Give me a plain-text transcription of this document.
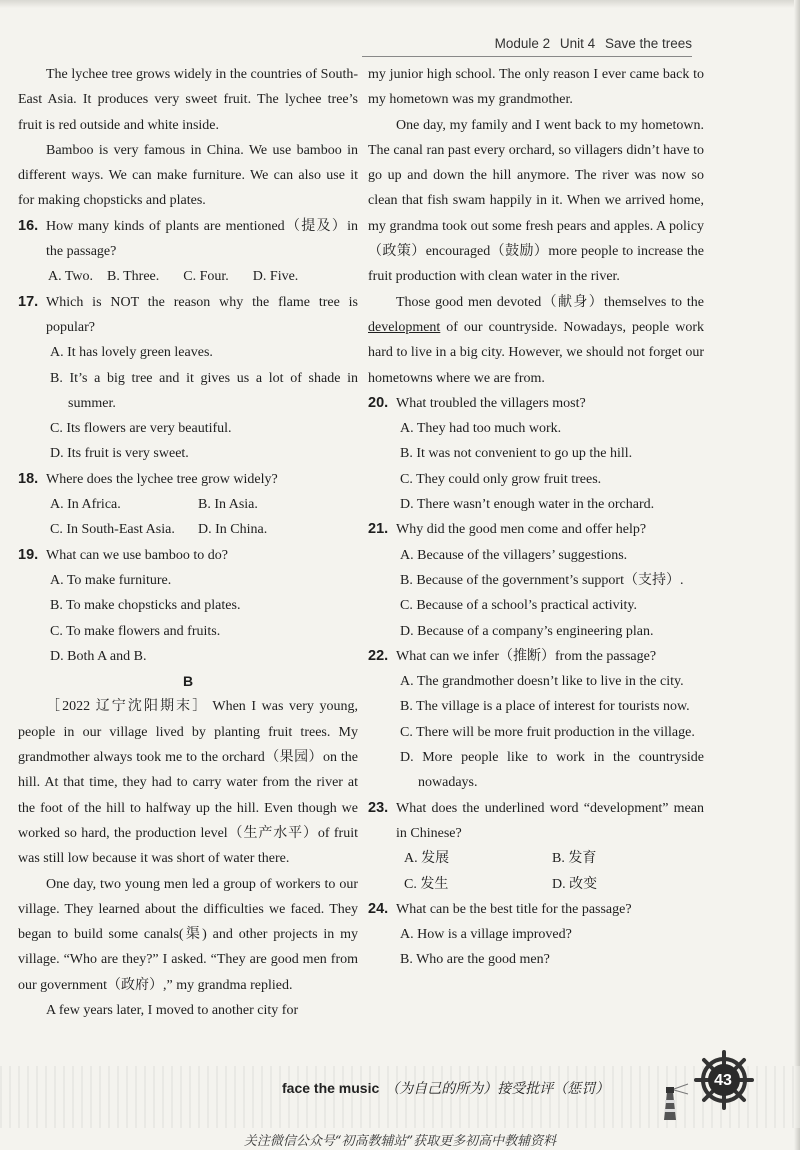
Module 2 Unit 4 Save the trees

The lychee tree grows widely in the countries of South-East Asia. It produces very sweet fruit. The lychee tree’s fruit is red outside and white inside.

Bamboo is very famous in China. We use bamboo in different ways. We can make furniture. We can also use it for making chopsticks and plates.

16. How many kinds of plants are mentioned（提及）in the passage?

A. Two. B. Three. C. Four. D. Five.

17. Which is NOT the reason why the flame tree is popular?

A. It has lovely green leaves.

B. It’s a big tree and it gives us a lot of shade in summer.

C. Its flowers are very beautiful.

D. Its fruit is very sweet.

18. Where does the lychee tree grow widely?

A. In Africa.	B. In Asia.
C. In South-East Asia.	D. In China.

19. What can we use bamboo to do?

A. To make furniture.

B. To make chopsticks and plates.

C. To make flowers and fruits.

D. Both A and B.

B

［2022 辽宁沈阳期末］ When I was very young, people in our village lived by planting fruit trees. My grandmother always took me to the orchard（果园）on the hill. At that time, they had to carry water from the river at the foot of the hill to halfway up the hill. Even though we worked so hard, the production level（生产水平）of fruit was still low because it was short of water there.

One day, two young men led a group of workers to our village. They learned about the difficulties we faced. They began to build some canals(渠) and other projects in my village. “Who are they?” I asked. “They are good men from our government（政府）,” my grandma replied.

A few years later, I moved to another city for

my junior high school. The only reason I ever came back to my hometown was my grandmother.

One day, my family and I went back to my hometown. The canal ran past every orchard, so villagers didn’t have to go up and down the hill anymore. The river was now so clean that fish swam happily in it. When we arrived home, my grandma took out some fresh pears and apples. A policy（政策）encouraged（鼓励）more people to increase the fruit production with clean water in the river.

Those good men devoted（献身）themselves to the development of our countryside. Nowadays, people work hard to live in a big city. However, we should not forget our hometowns where we are from.

20. What troubled the villagers most?

A. They had too much work.

B. It was not convenient to go up the hill.

C. They could only grow fruit trees.

D. There wasn’t enough water in the orchard.

21. Why did the good men come and offer help?

A. Because of the villagers’ suggestions.

B. Because of the government’s support（支持）.

C. Because of a school’s practical activity.

D. Because of a company’s engineering plan.

22. What can we infer（推断）from the passage?

A. The grandmother doesn’t like to live in the city.

B. The village is a place of interest for tourists now.

C. There will be more fruit production in the village.

D. More people like to work in the countryside nowadays.

23. What does the underlined word “development” mean in Chinese?

A. 发展	B. 发育
C. 发生	D. 改变

24. What can be the best title for the passage?

A. How is a village improved?

B. Who are the good men?

face the music （为自己的所为）接受批评（惩罚）	43
关注微信公众号“初高教辅站”获取更多初高中教辅资料
